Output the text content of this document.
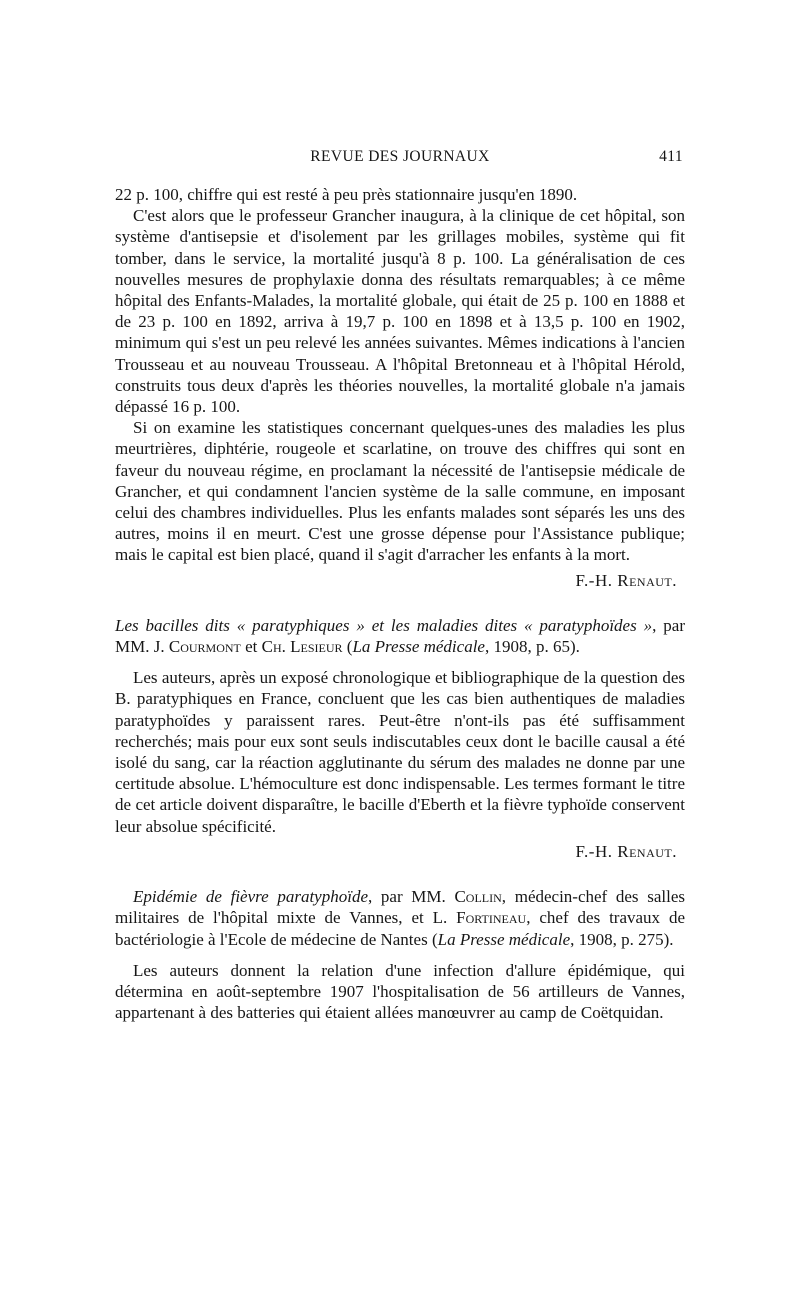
REVUE DES JOURNAUX	411

22 p. 100, chiffre qui est resté à peu près stationnaire jusqu'en 1890.

C'est alors que le professeur Grancher inaugura, à la clinique de cet hôpital, son système d'antisepsie et d'isolement par les grillages mobiles, système qui fit tomber, dans le service, la mortalité jusqu'à 8 p. 100. La généralisation de ces nouvelles mesures de prophylaxie donna des résultats remarquables; à ce même hôpital des Enfants-Malades, la mortalité globale, qui était de 25 p. 100 en 1888 et de 23 p. 100 en 1892, arriva à 19,7 p. 100 en 1898 et à 13,5 p. 100 en 1902, minimum qui s'est un peu relevé les années suivantes. Mêmes indications à l'ancien Trousseau et au nouveau Trousseau. A l'hôpital Bretonneau et à l'hôpital Hérold, construits tous deux d'après les théories nouvelles, la mortalité globale n'a jamais dépassé 16 p. 100.

Si on examine les statistiques concernant quelques-unes des maladies les plus meurtrières, diphtérie, rougeole et scarlatine, on trouve des chiffres qui sont en faveur du nouveau régime, en proclamant la nécessité de l'antisepsie médicale de Grancher, et qui condamnent l'ancien système de la salle commune, en imposant celui des chambres individuelles. Plus les enfants malades sont séparés les uns des autres, moins il en meurt. C'est une grosse dépense pour l'Assistance publique; mais le capital est bien placé, quand il s'agit d'arracher les enfants à la mort.

F.-H. Renaut.

Les bacilles dits « paratyphiques » et les maladies dites « paratyphoïdes », par MM. J. Courmont et Ch. Lesieur (La Presse médicale, 1908, p. 65).

Les auteurs, après un exposé chronologique et bibliographique de la question des B. paratyphiques en France, concluent que les cas bien authentiques de maladies paratyphoïdes y paraissent rares. Peut-être n'ont-ils pas été suffisamment recherchés; mais pour eux sont seuls indiscutables ceux dont le bacille causal a été isolé du sang, car la réaction agglutinante du sérum des malades ne donne par une certitude absolue. L'hémoculture est donc indispensable. Les termes formant le titre de cet article doivent disparaître, le bacille d'Eberth et la fièvre typhoïde conservent leur absolue spécificité.

F.-H. Renaut.

Epidémie de fièvre paratyphoïde, par MM. Collin, médecin-chef des salles militaires de l'hôpital mixte de Vannes, et L. Fortineau, chef des travaux de bactériologie à l'Ecole de médecine de Nantes (La Presse médicale, 1908, p. 275).

Les auteurs donnent la relation d'une infection d'allure épidémique, qui détermina en août-septembre 1907 l'hospitalisation de 56 artilleurs de Vannes, appartenant à des batteries qui étaient allées manœuvrer au camp de Coëtquidan.
